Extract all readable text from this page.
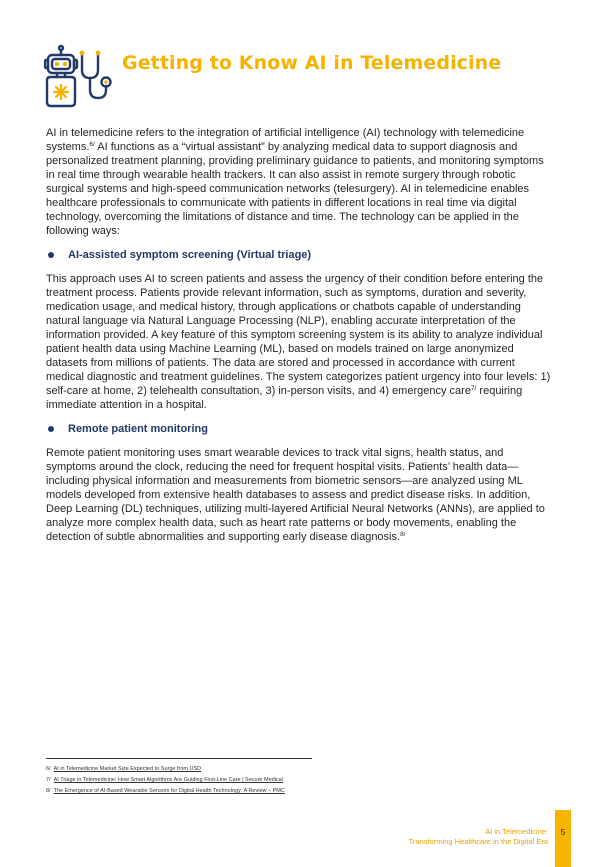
Getting to Know AI in Telemedicine

AI in telemedicine refers to the integration of artificial intelligence (AI) technology with telemedicine systems.$^{6/}$ AI functions as a “virtual assistant” by analyzing medical data to support diagnosis and personalized treatment planning, providing preliminary guidance to patients, and monitoring symptoms in real time through wearable health trackers. It can also assist in remote surgery through robotic surgical systems and high-speed communication networks (telesurgery). AI in telemedicine enables healthcare professionals to communicate with patients in different locations in real time via digital technology, overcoming the limitations of distance and time. The technology can be applied in the following ways:

AI-assisted symptom screening (Virtual triage)

This approach uses AI to screen patients and assess the urgency of their condition before entering the treatment process. Patients provide relevant information, such as symptoms, duration and severity, medication usage, and medical history, through applications or chatbots capable of understanding natural language via Natural Language Processing (NLP), enabling accurate interpretation of the information provided. A key feature of this symptom screening system is its ability to analyze individual patient health data using Machine Learning (ML), based on models trained on large anonymized datasets from millions of patients. The data are stored and processed in accordance with current medical diagnostic and treatment guidelines. The system categorizes patient urgency into four levels: 1) self-care at home, 2) telehealth consultation, 3) in-person visits, and 4) emergency care$^{7/}$ requiring immediate attention in a hospital.

Remote patient monitoring

Remote patient monitoring uses smart wearable devices to track vital signs, health status, and symptoms around the clock, reducing the need for frequent hospital visits. Patients’ health data—including physical information and measurements from biometric sensors—are analyzed using ML models developed from extensive health databases to assess and predict disease risks. In addition, Deep Learning (DL) techniques, utilizing multi-layered Artificial Neural Networks (ANNs), are applied to analyze more complex health data, such as heart rate patterns or body movements, enabling the detection of subtle abnormalities and supporting early disease diagnosis.$^{8/}$

6/ AI in Telemedicine Market Size Expected to Surge from USD
7/ AI Triage in Telemedicine: How Smart Algorithms Are Guiding First-Line Care | Secure Medical
8/ The Emergence of AI-Based Wearable Sensors for Digital Health Technology: A Review – PMC
AI in Telemedicine:
Transforming Healthcare in the Digital Era
5
